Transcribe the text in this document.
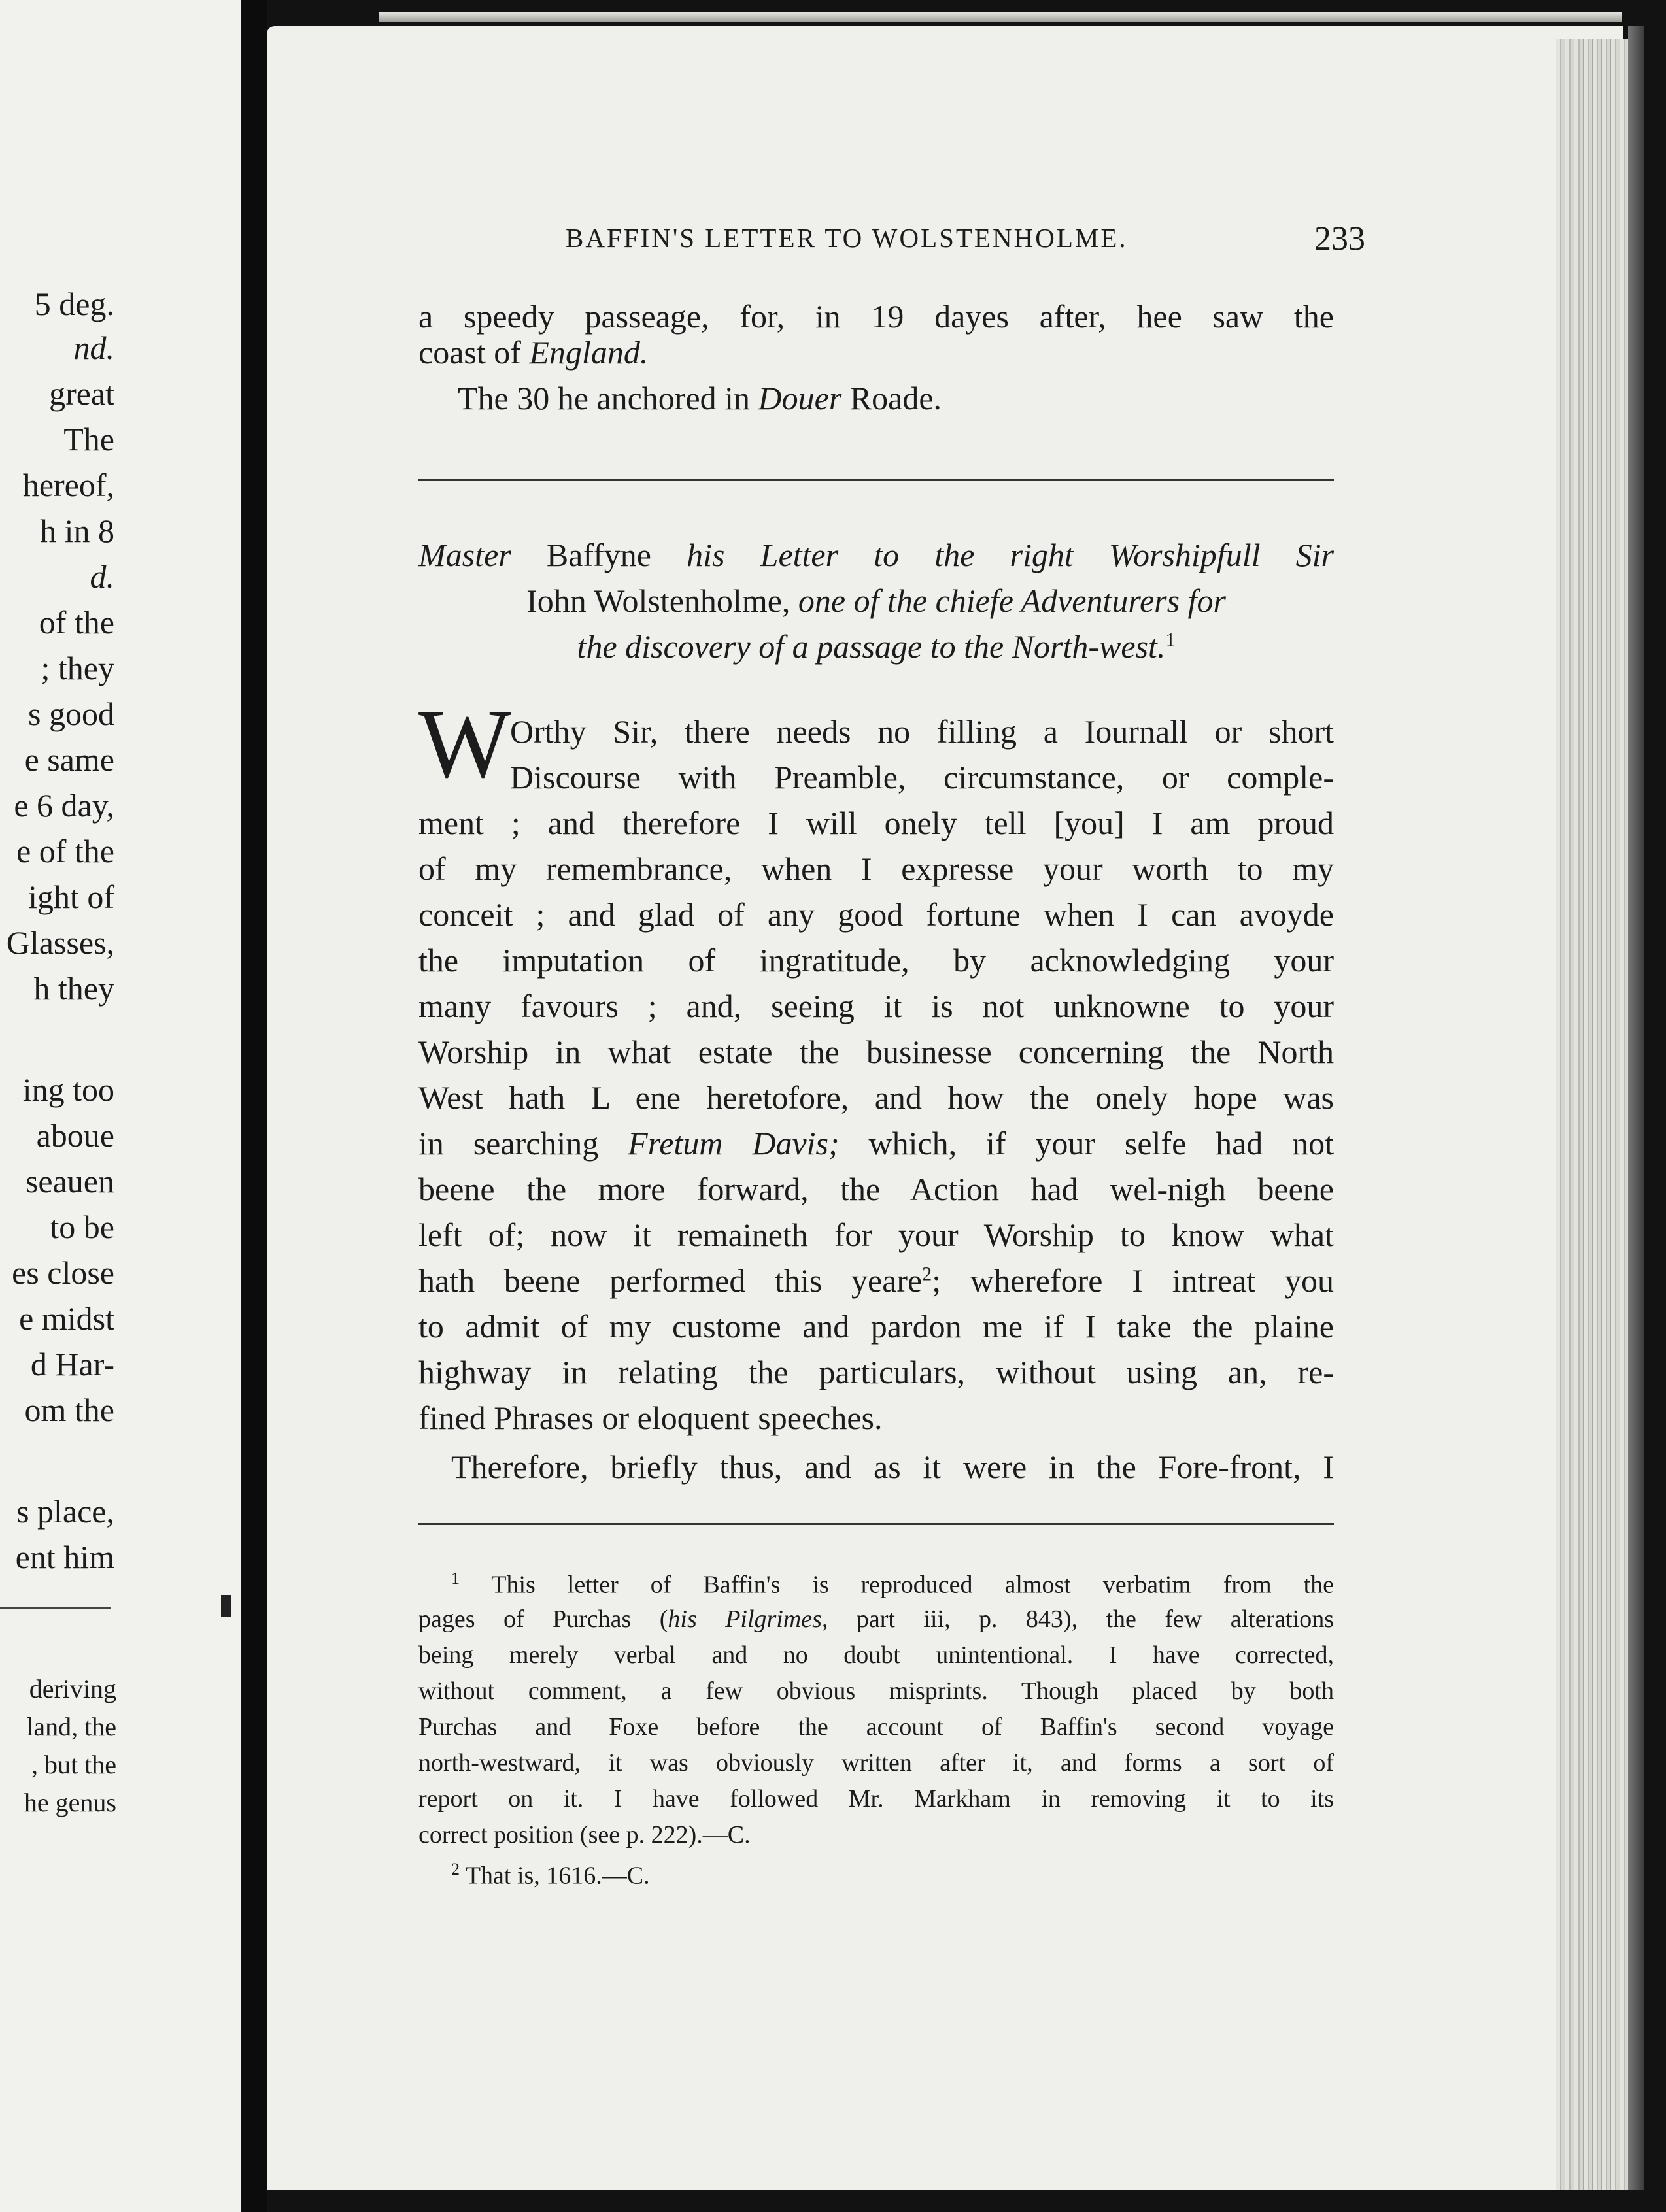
5 deg.
nd.
great
The
hereof,
h in 8
d.
of the
; they
s good
e same
e 6 day,
e of the
ight of
Glasses,
h they
ing too
aboue
seauen
to be
es close
e midst
d Har-
om the
s place,
ent him
deriving
land, the
, but the
he genus
BAFFIN'S LETTER TO WOLSTENHOLME.	233
a speedy passeage, for, in 19 dayes after, hee saw the
coast of England.
The 30 he anchored in Douer Roade.
Master Baffyne his Letter to the right Worshipfull Sir
Iohn Wolstenholme, one of the chiefe Adventurers for
the discovery of a passage to the North-west.$^1$
W
Orthy Sir, there needs no filling a Iournall or short
Discourse with Preamble, circumstance, or comple-
ment ; and therefore I will onely tell [you] I am proud
of my remembrance, when I expresse your worth to my
conceit ; and glad of any good fortune when I can avoyde
the imputation of ingratitude, by acknowledging your
many favours ; and, seeing it is not unknowne to your
Worship in what estate the businesse concerning the North
West hath L ene heretofore, and how the onely hope was
in searching Fretum Davis; which, if your selfe had not
beene the more forward, the Action had wel-nigh beene
left of; now it remaineth for your Worship to know what
hath beene performed this yeare$^2$; wherefore I intreat you
to admit of my custome and pardon me if I take the plaine
highway in relating the particulars, without using an, re-
fined Phrases or eloquent speeches.
Therefore, briefly thus, and as it were in the Fore-front, I
$^1$ This letter of Baffin's is reproduced almost verbatim from the
pages of Purchas (his Pilgrimes, part iii, p. 843), the few alterations
being merely verbal and no doubt unintentional. I have corrected,
without comment, a few obvious misprints. Though placed by both
Purchas and Foxe before the account of Baffin's second voyage
north-westward, it was obviously written after it, and forms a sort of
report on it. I have followed Mr. Markham in removing it to its
correct position (see p. 222).—C.
$^2$ That is, 1616.—C.
